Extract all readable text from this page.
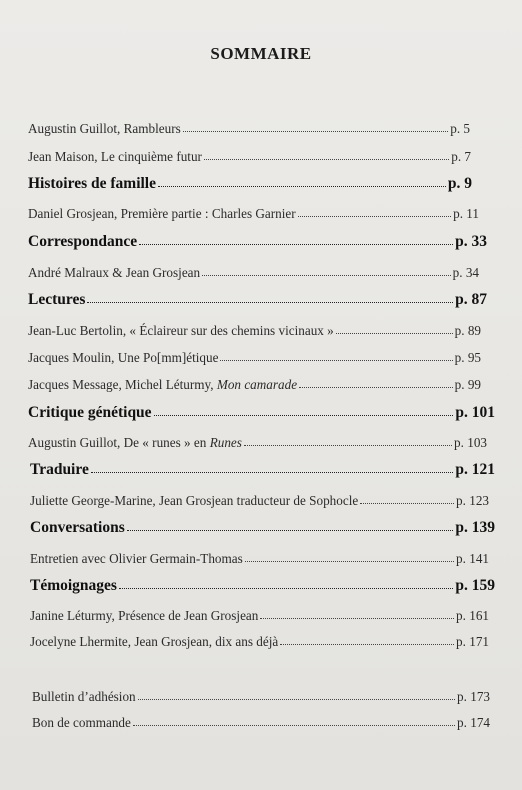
SOMMAIRE
Augustin Guillot, Rambleurs	p. 5
Jean Maison, Le cinquième futur	p. 7
Histoires de famille	p. 9
Daniel Grosjean, Première partie : Charles Garnier	p. 11
Correspondance	p. 33
André Malraux & Jean Grosjean	p. 34
Lectures	p. 87
Jean-Luc Bertolin, « Éclaireur sur des chemins vicinaux »	p. 89
Jacques Moulin, Une Po[mm]étique	p. 95
Jacques Message, Michel Léturmy, Mon camarade	p. 99
Critique génétique	p. 101
Augustin Guillot, De « runes » en Runes	p. 103
Traduire	p. 121
Juliette George-Marine, Jean Grosjean traducteur de Sophocle	p. 123
Conversations	p. 139
Entretien avec Olivier Germain-Thomas	p. 141
Témoignages	p. 159
Janine Léturmy, Présence de Jean Grosjean	p. 161
Jocelyne Lhermite, Jean Grosjean, dix ans déjà	p. 171
Bulletin d’adhésion	p. 173
Bon de commande	p. 174
